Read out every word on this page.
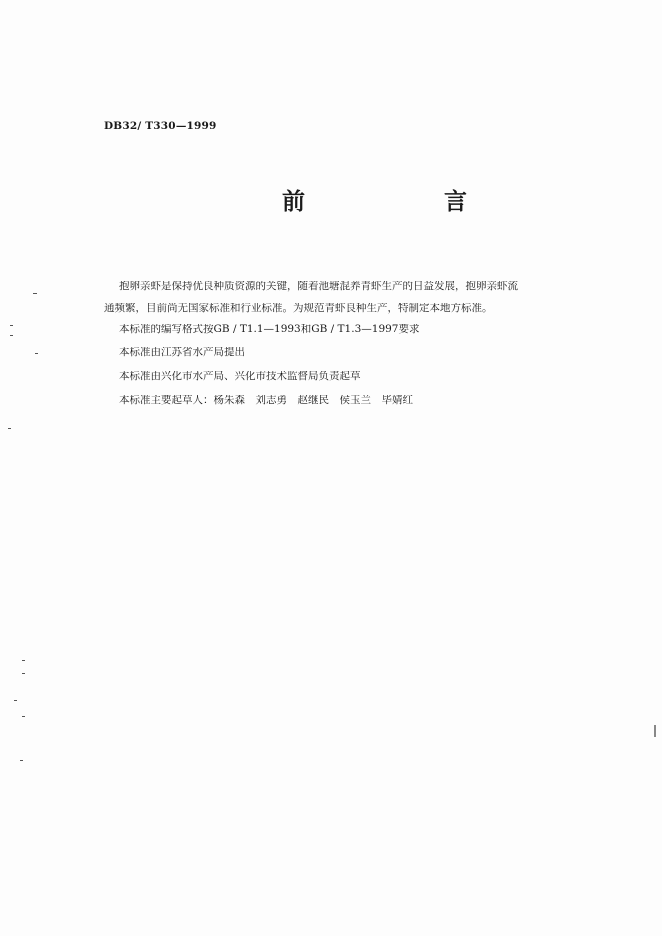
DB32/ T330—1999
前　言
抱卵亲虾是保持优良种质资源的关键，随着池塘混养青虾生产的日益发展，抱卵亲虾流
通频繁，目前尚无国家标准和行业标准。为规范青虾良种生产，特制定本地方标准。
本标准的编写格式按GB / T1.1—1993和GB / T1.3—1997要求
本标准由江苏省水产局提出
本标准由兴化市水产局、兴化市技术监督局负责起草
本标准主要起草人：杨朱森　刘志勇　赵继民　侯玉兰　毕婧红
